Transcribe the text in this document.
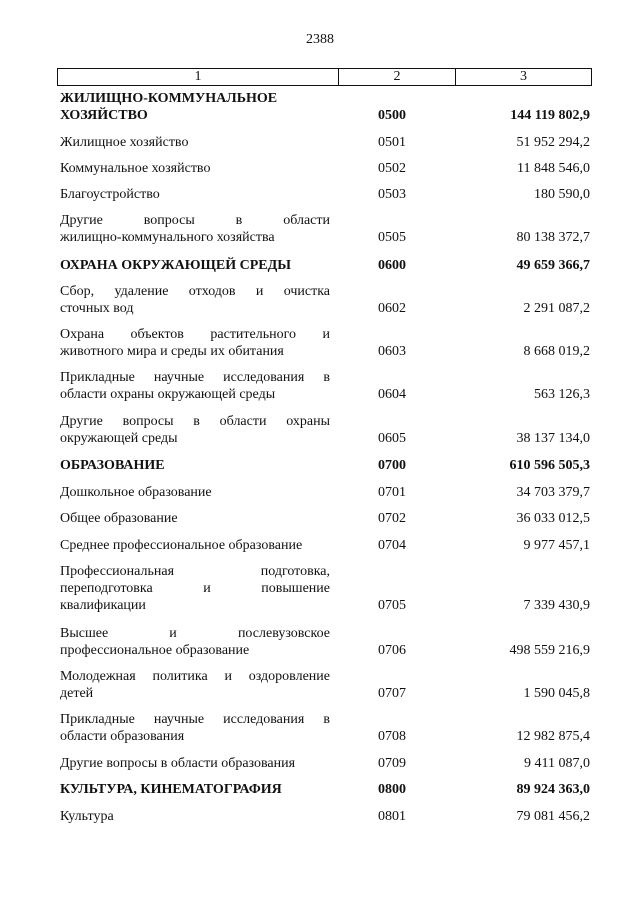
2388
1	2	3
ЖИЛИЩНО-КОММУНАЛЬНОЕ
ХОЗЯЙСТВО	0500	144 119 802,9
Жилищное хозяйство	0501	51 952 294,2
Коммунальное хозяйство	0502	11 848 546,0
Благоустройство	0503	180 590,0
Другие вопросы в области
жилищно-коммунального хозяйства	0505	80 138 372,7
ОХРАНА ОКРУЖАЮЩЕЙ СРЕДЫ	0600	49 659 366,7
Сбор, удаление отходов и очистка
сточных вод	0602	2 291 087,2
Охрана объектов растительного и
животного мира и среды их обитания	0603	8 668 019,2
Прикладные научные исследования в
области охраны окружающей среды	0604	563 126,3
Другие вопросы в области охраны
окружающей среды	0605	38 137 134,0
ОБРАЗОВАНИЕ	0700	610 596 505,3
Дошкольное образование	0701	34 703 379,7
Общее образование	0702	36 033 012,5
Среднее профессиональное образование	0704	9 977 457,1
Профессиональная подготовка,
переподготовка и повышение
квалификации	0705	7 339 430,9
Высшее и послевузовское
профессиональное образование	0706	498 559 216,9
Молодежная политика и оздоровление
детей	0707	1 590 045,8
Прикладные научные исследования в
области образования	0708	12 982 875,4
Другие вопросы в области образования	0709	9 411 087,0
КУЛЬТУРА, КИНЕМАТОГРАФИЯ	0800	89 924 363,0
Культура	0801	79 081 456,2
